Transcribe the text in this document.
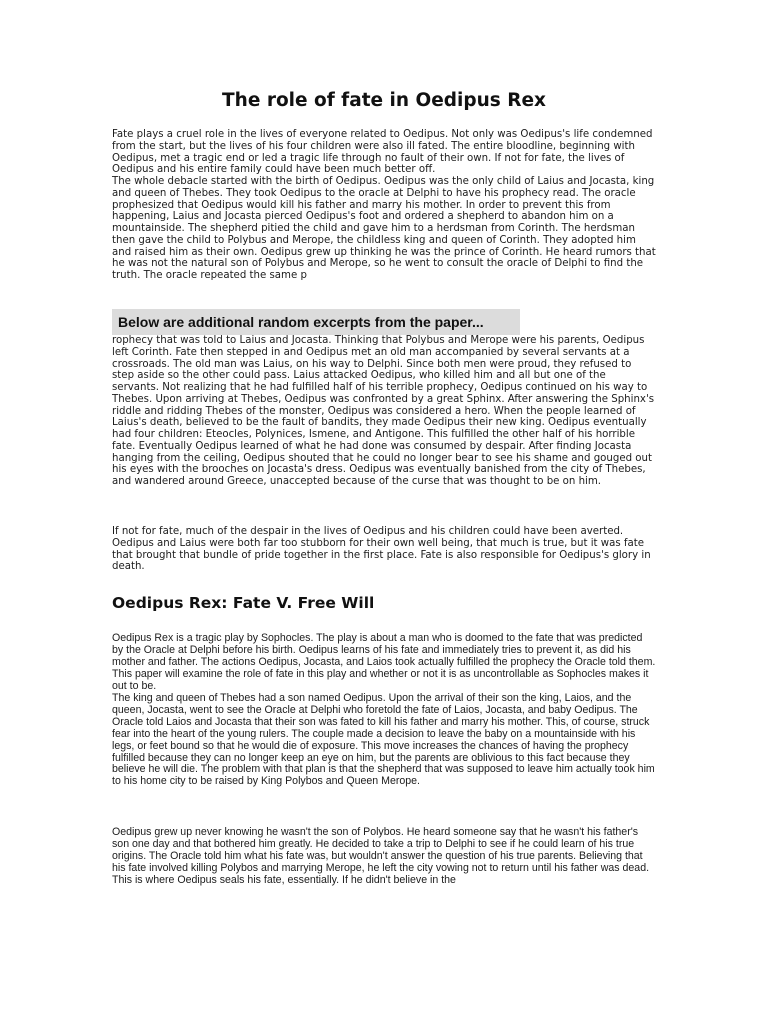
The role of fate in Oedipus Rex

Fate plays a cruel role in the lives of everyone related to Oedipus. Not only was Oedipus's life condemned from the start, but the lives of his four children were also ill fated. The entire bloodline, beginning with Oedipus, met a tragic end or led a tragic life through no fault of their own. If not for fate, the lives of Oedipus and his entire family could have been much better off.

The whole debacle started with the birth of Oedipus. Oedipus was the only child of Laius and Jocasta, king and queen of Thebes. They took Oedipus to the oracle at Delphi to have his prophecy read. The oracle prophesized that Oedipus would kill his father and marry his mother. In order to prevent this from happening, Laius and Jocasta pierced Oedipus's foot and ordered a shepherd to abandon him on a mountainside. The shepherd pitied the child and gave him to a herdsman from Corinth. The herdsman then gave the child to Polybus and Merope, the childless king and queen of Corinth. They adopted him and raised him as their own. Oedipus grew up thinking he was the prince of Corinth. He heard rumors that he was not the natural son of Polybus and Merope, so he went to consult the oracle of Delphi to find the truth. The oracle repeated the same p

Below are additional random excerpts from the paper...

rophecy that was told to Laius and Jocasta. Thinking that Polybus and Merope were his parents, Oedipus left Corinth. Fate then stepped in and Oedipus met an old man accompanied by several servants at a crossroads. The old man was Laius, on his way to Delphi. Since both men were proud, they refused to step aside so the other could pass. Laius attacked Oedipus, who killed him and all but one of the servants. Not realizing that he had fulfilled half of his terrible prophecy, Oedipus continued on his way to Thebes. Upon arriving at Thebes, Oedipus was confronted by a great Sphinx. After answering the Sphinx's riddle and ridding Thebes of the monster, Oedipus was considered a hero. When the people learned of Laius's death, believed to be the fault of bandits, they made Oedipus their new king. Oedipus eventually had four children: Eteocles, Polynices, Ismene, and Antigone. This fulfilled the other half of his horrible fate. Eventually Oedipus learned of what he had done was consumed by despair. After finding Jocasta hanging from the ceiling, Oedipus shouted that he could no longer bear to see his shame and gouged out his eyes with the brooches on Jocasta's dress. Oedipus was eventually banished from the city of Thebes, and wandered around Greece, unaccepted because of the curse that was thought to be on him.

If not for fate, much of the despair in the lives of Oedipus and his children could have been averted. Oedipus and Laius were both far too stubborn for their own well being, that much is true, but it was fate that brought that bundle of pride together in the first place. Fate is also responsible for Oedipus's glory in death.

Oedipus Rex: Fate V. Free Will

Oedipus Rex is a tragic play by Sophocles. The play is about a man who is doomed to the fate that was predicted by the Oracle at Delphi before his birth. Oedipus learns of his fate and immediately tries to prevent it, as did his mother and father. The actions Oedipus, Jocasta, and Laios took actually fulfilled the prophecy the Oracle told them. This paper will examine the role of fate in this play and whether or not it is as uncontrollable as Sophocles makes it out to be.

The king and queen of Thebes had a son named Oedipus. Upon the arrival of their son the king, Laios, and the queen, Jocasta, went to see the Oracle at Delphi who foretold the fate of Laios, Jocasta, and baby Oedipus. The Oracle told Laios and Jocasta that their son was fated to kill his father and marry his mother. This, of course, struck fear into the heart of the young rulers. The couple made a decision to leave the baby on a mountainside with his legs, or feet bound so that he would die of exposure. This move increases the chances of having the prophecy fulfilled because they can no longer keep an eye on him, but the parents are oblivious to this fact because they believe he will die. The problem with that plan is that the shepherd that was supposed to leave him actually took him to his home city to be raised by King Polybos and Queen Merope.

Oedipus grew up never knowing he wasn't the son of Polybos. He heard someone say that he wasn't his father's son one day and that bothered him greatly. He decided to take a trip to Delphi to see if he could learn of his true origins. The Oracle told him what his fate was, but wouldn't answer the question of his true parents. Believing that his fate involved killing Polybos and marrying Merope, he left the city vowing not to return until his father was dead. This is where Oedipus seals his fate, essentially. If he didn't believe in the
